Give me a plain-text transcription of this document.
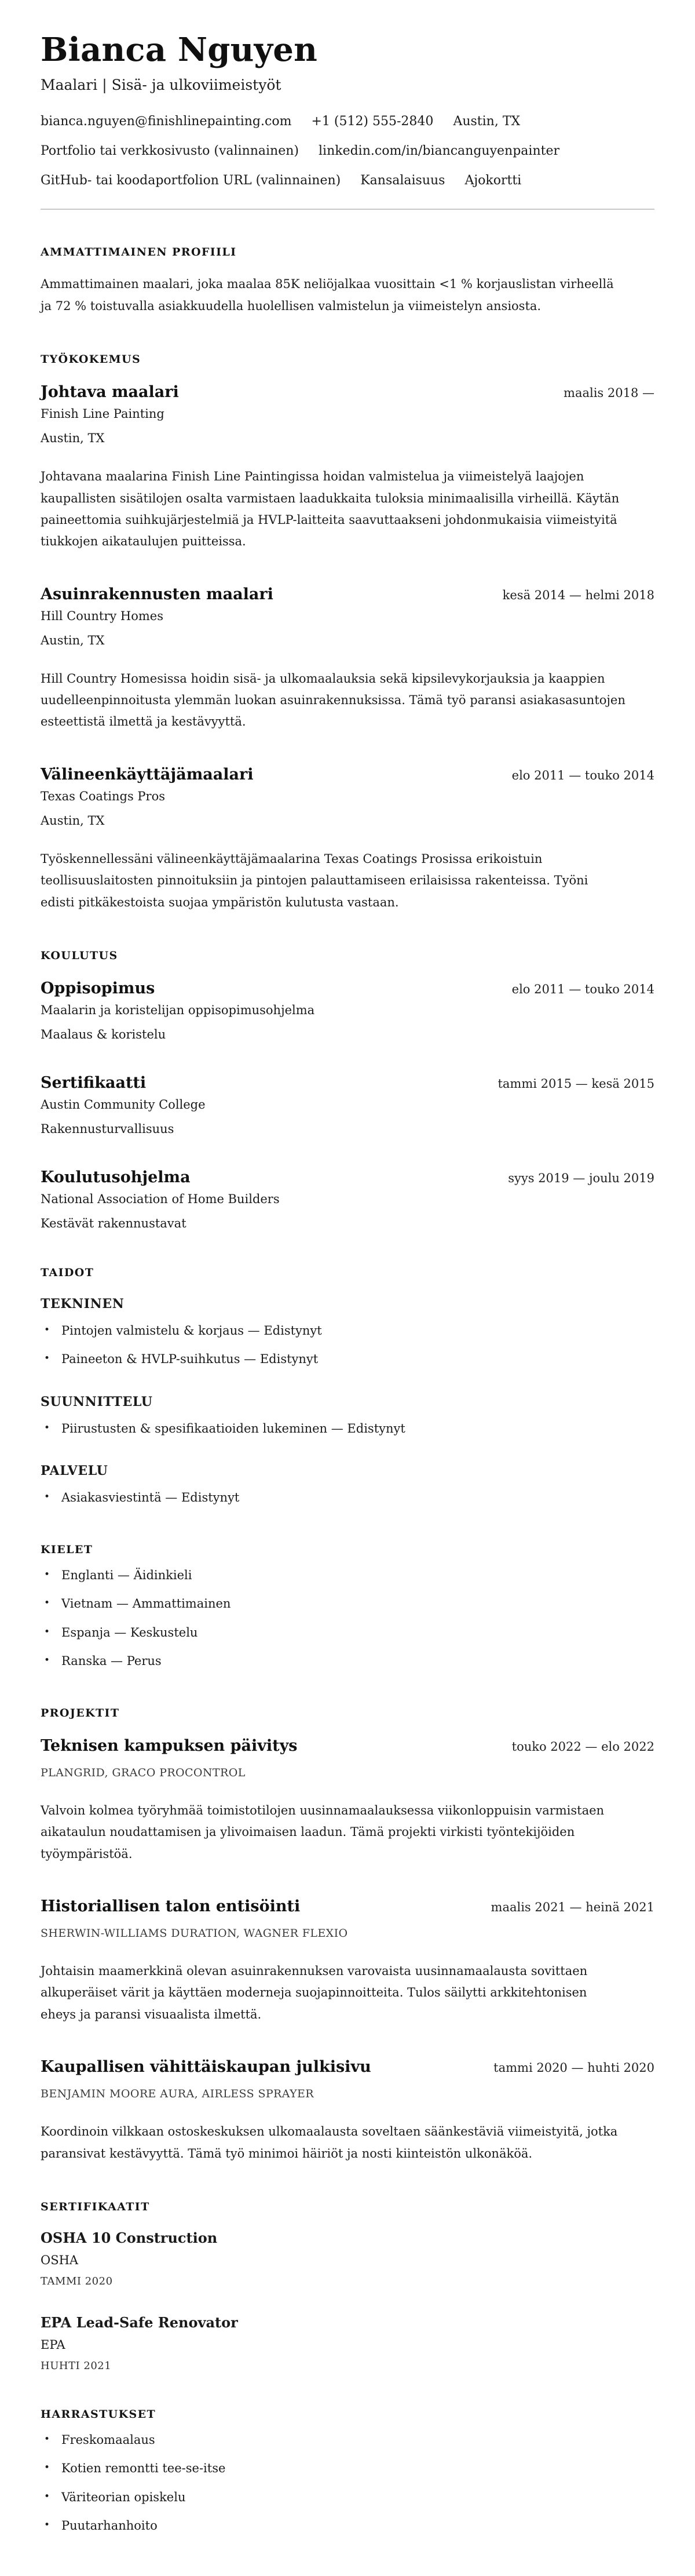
Bianca Nguyen
Maalari | Sisä- ja ulkoviimeistyöt
bianca.nguyen@finishlinepainting.com +1 (512) 555-2840 Austin, TX
Portfolio tai verkkosivusto (valinnainen) linkedin.com/in/biancanguyenpainter
GitHub- tai koodaportfolion URL (valinnainen) Kansalaisuus Ajokortti
AMMATTIMAINEN PROFIILI

Ammattimainen maalari, joka maalaa 85K neliöjalkaa vuosittain <1 % korjauslistan virheellä ja 72 % toistuvalla asiakkuudella huolellisen valmistelun ja viimeistelyn ansiosta.

TYÖKOKEMUS
Johtava maalari	maalis 2018 —
Finish Line Painting
Austin, TX

Johtavana maalarina Finish Line Paintingissa hoidan valmistelua ja viimeistelyä laajojen kaupallisten sisätilojen osalta varmistaen laadukkaita tuloksia minimaalisilla virheillä. Käytän paineettomia suihkujärjestelmiä ja HVLP-laitteita saavuttaakseni johdonmukaisia viimeistyitä tiukkojen aikataulujen puitteissa.

Asuinrakennusten maalari	kesä 2014 — helmi 2018
Hill Country Homes
Austin, TX

Hill Country Homesissa hoidin sisä- ja ulkomaalauksia sekä kipsilevykorjauksia ja kaappien uudelleenpinnoitusta ylemmän luokan asuinrakennuksissa. Tämä työ paransi asiakasasuntojen esteettistä ilmettä ja kestävyyttä.

Välineenkäyttäjämaalari	elo 2011 — touko 2014
Texas Coatings Pros
Austin, TX

Työskennellessäni välineenkäyttäjämaalarina Texas Coatings Prosissa erikoistuin teollisuuslaitosten pinnoituksiin ja pintojen palauttamiseen erilaisissa rakenteissa. Työni edisti pitkäkestoista suojaa ympäristön kulutusta vastaan.

KOULUTUS
Oppisopimus	elo 2011 — touko 2014
Maalarin ja koristelijan oppisopimusohjelma
Maalaus & koristelu
Sertifikaatti	tammi 2015 — kesä 2015
Austin Community College
Rakennusturvallisuus
Koulutusohjelma	syys 2019 — joulu 2019
National Association of Home Builders
Kestävät rakennustavat
TAIDOT
TEKNINEN
• Pintojen valmistelu & korjaus — Edistynyt
• Paineeton & HVLP-suihkutus — Edistynyt
SUUNNITTELU
• Piirustusten & spesifikaatioiden lukeminen — Edistynyt
PALVELU
• Asiakasviestintä — Edistynyt
KIELET
• Englanti — Äidinkieli
• Vietnam — Ammattimainen
• Espanja — Keskustelu
• Ranska — Perus
PROJEKTIT
Teknisen kampuksen päivitys	touko 2022 — elo 2022
PLANGRID, GRACO PROCONTROL

Valvoin kolmea työryhmää toimistotilojen uusinnamaalauksessa viikonloppuisin varmistaen aikataulun noudattamisen ja ylivoimaisen laadun. Tämä projekti virkisti työntekijöiden työympäristöä.

Historiallisen talon entisöinti	maalis 2021 — heinä 2021
SHERWIN-WILLIAMS DURATION, WAGNER FLEXIO

Johtaisin maamerkkinä olevan asuinrakennuksen varovaista uusinnamaalausta sovittaen alkuperäiset värit ja käyttäen moderneja suojapinnoitteita. Tulos säilytti arkkitehtonisen eheys ja paransi visuaalista ilmettä.

Kaupallisen vähittäiskaupan julkisivu	tammi 2020 — huhti 2020
BENJAMIN MOORE AURA, AIRLESS SPRAYER

Koordinoin vilkkaan ostoskeskuksen ulkomaalausta soveltaen säänkestäviä viimeistyitä, jotka paransivat kestävyyttä. Tämä työ minimoi häiriöt ja nosti kiinteistön ulkonäköä.

SERTIFIKAATIT
OSHA 10 Construction
OSHA
TAMMI 2020
EPA Lead-Safe Renovator
EPA
HUHTI 2021
HARRASTUKSET
• Freskomaalaus
• Kotien remontti tee-se-itse
• Väriteorian opiskelu
• Puutarhanhoito
